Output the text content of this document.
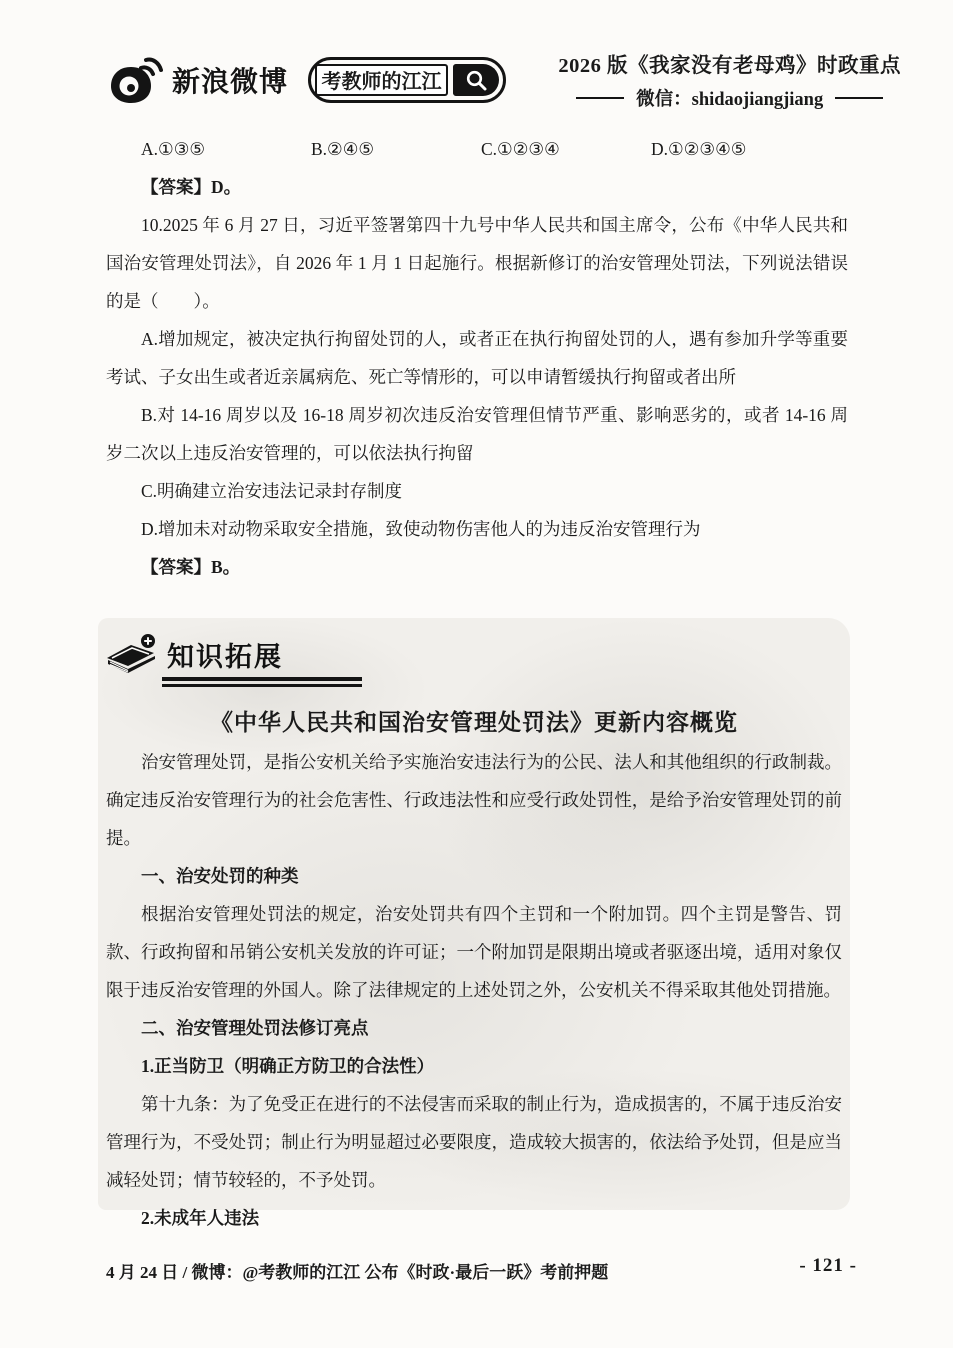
新浪微博	考教师的江江
2026 版《我家没有老母鸡》时政重点
微信：shidaojiangjiang
A.①③⑤	B.②④⑤	C.①②③④	D.①②③④⑤

【答案】D。

10.2025 年 6 月 27 日，习近平签署第四十九号中华人民共和国主席令，公布《中华人民共和国治安管理处罚法》，自 2026 年 1 月 1 日起施行。根据新修订的治安管理处罚法，下列说法错误的是（　　）。

A.增加规定，被决定执行拘留处罚的人，或者正在执行拘留处罚的人，遇有参加升学等重要考试、子女出生或者近亲属病危、死亡等情形的，可以申请暂缓执行拘留或者出所

B.对 14-16 周岁以及 16-18 周岁初次违反治安管理但情节严重、影响恶劣的，或者 14-16 周岁二次以上违反治安管理的，可以依法执行拘留

C.明确建立治安违法记录封存制度

D.增加未对动物采取安全措施，致使动物伤害他人的为违反治安管理行为

【答案】B。

知识拓展
《中华人民共和国治安管理处罚法》更新内容概览

治安管理处罚，是指公安机关给予实施治安违法行为的公民、法人和其他组织的行政制裁。确定违反治安管理行为的社会危害性、行政违法性和应受行政处罚性，是给予治安管理处罚的前提。

一、治安处罚的种类

根据治安管理处罚法的规定，治安处罚共有四个主罚和一个附加罚。四个主罚是警告、罚款、行政拘留和吊销公安机关发放的许可证；一个附加罚是限期出境或者驱逐出境，适用对象仅限于违反治安管理的外国人。除了法律规定的上述处罚之外，公安机关不得采取其他处罚措施。

二、治安管理处罚法修订亮点

1.正当防卫（明确正方防卫的合法性）

第十九条：为了免受正在进行的不法侵害而采取的制止行为，造成损害的，不属于违反治安管理行为，不受处罚；制止行为明显超过必要限度，造成较大损害的，依法给予处罚，但是应当减轻处罚；情节较轻的，不予处罚。

2.未成年人违法

4 月 24 日 / 微博：@考教师的江江 公布《时政·最后一跃》考前押题	- 121 -
